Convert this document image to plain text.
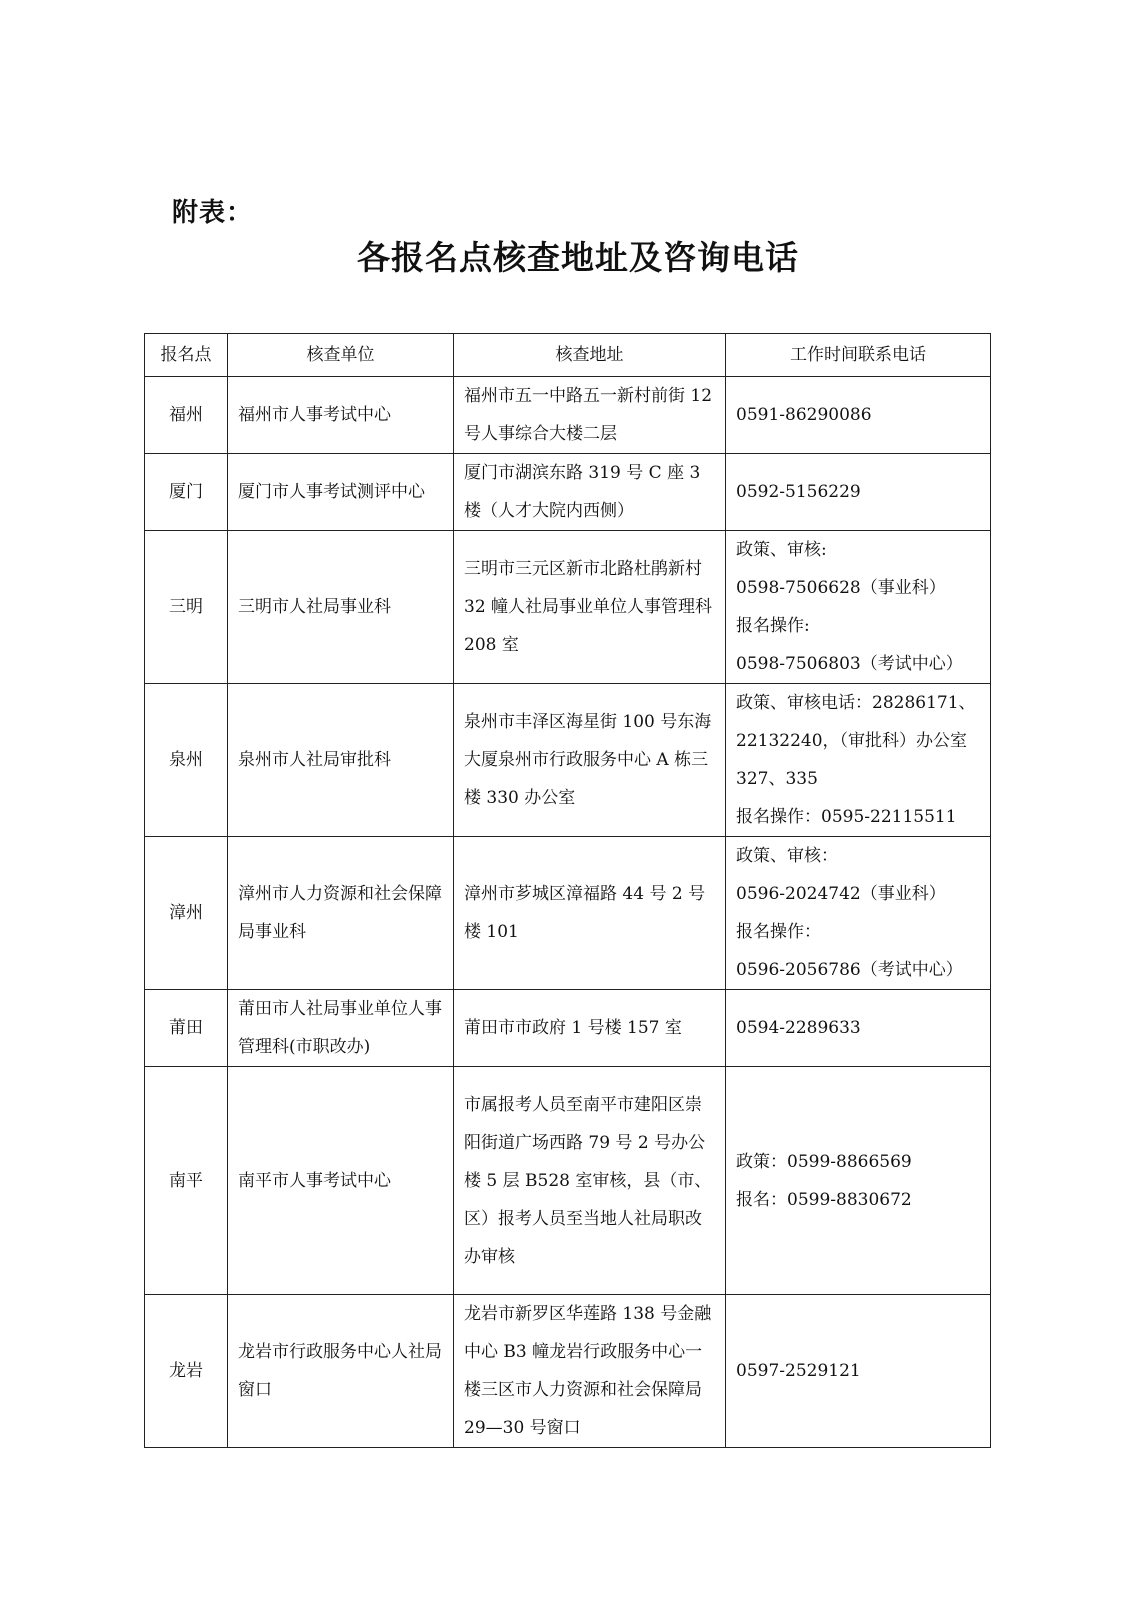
附表：
各报名点核查地址及咨询电话
报名点	核查单位	核查地址	工作时间联系电话
福州	福州市人事考试中心	福州市五一中路五一新村前街 12 号人事综合大楼二层	0591-86290086
厦门	厦门市人事考试测评中心	厦门市湖滨东路 319 号 C 座 3 楼（人才大院内西侧）	0592-5156229
三明	三明市人社局事业科	三明市三元区新市北路杜鹃新村 32 幢人社局事业单位人事管理科 208 室	政策、审核:
0598-7506628（事业科）
报名操作:
0598-7506803（考试中心）
泉州	泉州市人社局审批科	泉州市丰泽区海星街 100 号东海大厦泉州市行政服务中心 A 栋三楼 330 办公室	政策、审核电话：28286171、22132240，（审批科）办公室 327、335
报名操作：0595-22115511
漳州	漳州市人力资源和社会保障局事业科	漳州市芗城区漳福路 44 号 2 号楼 101	政策、审核：
0596-2024742（事业科）
报名操作：
0596-2056786（考试中心）
莆田	莆田市人社局事业单位人事管理科(市职改办)	莆田市市政府 1 号楼 157 室	0594-2289633
南平	南平市人事考试中心	市属报考人员至南平市建阳区崇阳街道广场西路 79 号 2 号办公楼 5 层 B528 室审核，县（市、区）报考人员至当地人社局职改办审核	政策：0599-8866569
报名：0599-8830672
龙岩	龙岩市行政服务中心人社局窗口	龙岩市新罗区华莲路 138 号金融中心 B3 幢龙岩行政服务中心一楼三区市人力资源和社会保障局 29—30 号窗口	0597-2529121
